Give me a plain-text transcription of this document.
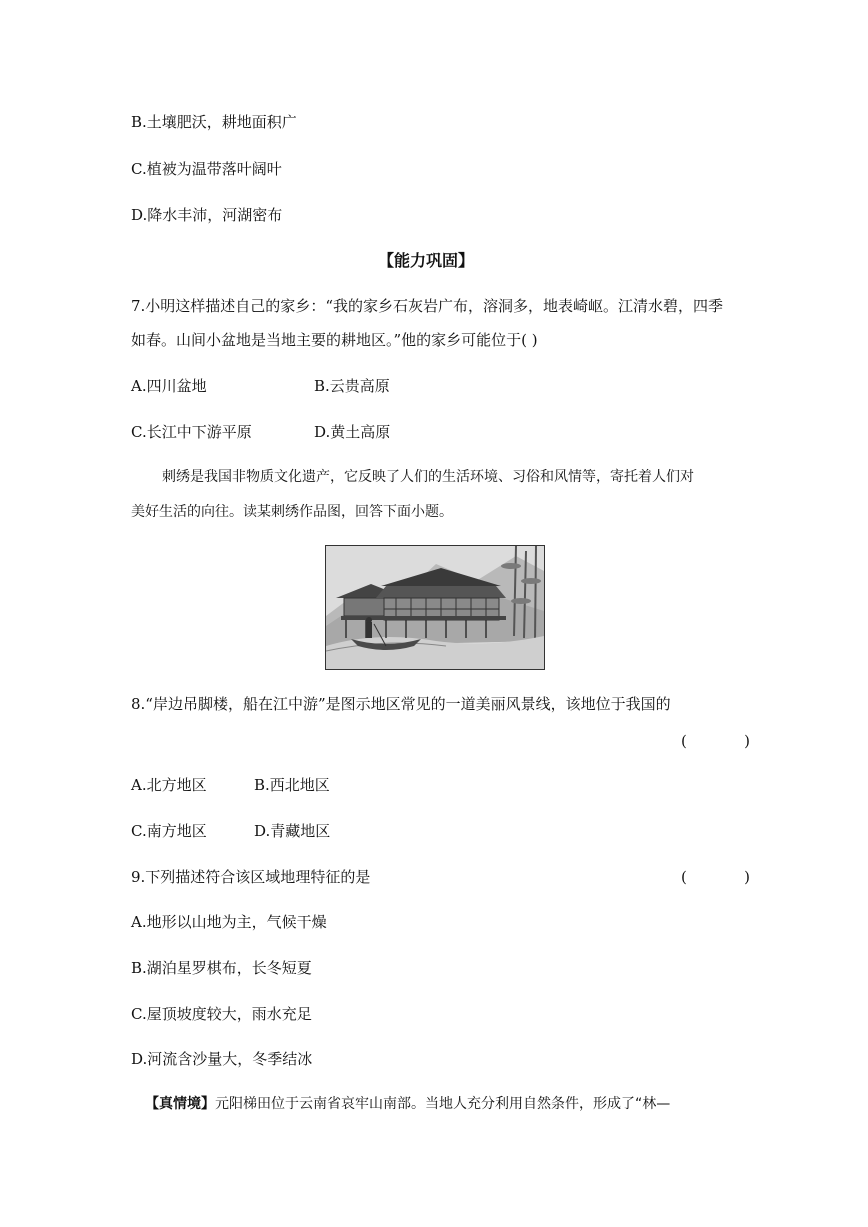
B.土壤肥沃，耕地面积广
C.植被为温带落叶阔叶
D.降水丰沛，河湖密布
【能力巩固】
7.小明这样描述自己的家乡：“我的家乡石灰岩广布，溶洞多，地表崎岖。江清水碧，四季
如春。山间小盆地是当地主要的耕地区。”他的家乡可能位于( )
A.四川盆地	B.云贵高原
C.长江中下游平原	D.黄土高原
刺绣是我国非物质文化遗产，它反映了人们的生活环境、习俗和风情等，寄托着人们对
美好生活的向往。读某刺绣作品图，回答下面小题。
8.“岸边吊脚楼，船在江中游”是图示地区常见的一道美丽风景线，该地位于我国的
(            )
A.北方地区	B.西北地区
C.南方地区	D.青藏地区
9.下列描述符合该区域地理特征的是	(            )
A.地形以山地为主，气候干燥
B.湖泊星罗棋布，长冬短夏
C.屋顶坡度较大，雨水充足
D.河流含沙量大，冬季结冰
【真情境】元阳梯田位于云南省哀牢山南部。当地人充分利用自然条件，形成了“林—
